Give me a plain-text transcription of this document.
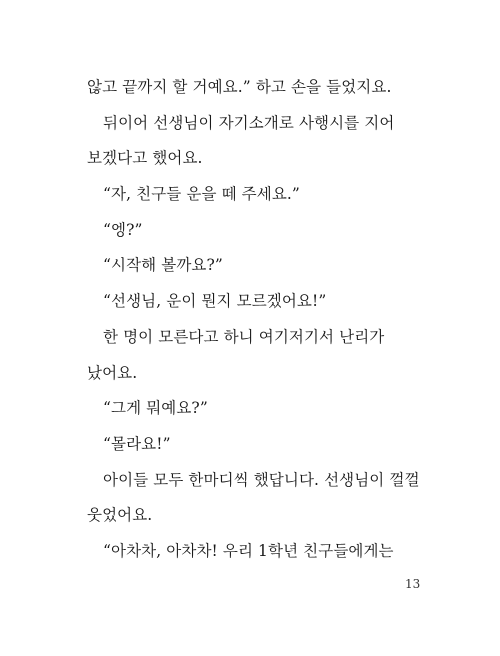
않고 끝까지 할 거예요.” 하고 손을 들었지요.
뒤이어 선생님이 자기소개로 사행시를 지어
보겠다고 했어요.
“자, 친구들 운을 떼 주세요.”
“엥?”
“시작해 볼까요?”
“선생님, 운이 뭔지 모르겠어요!”
한 명이 모른다고 하니 여기저기서 난리가
났어요.
“그게 뭐예요?”
“몰라요!”
아이들 모두 한마디씩 했답니다. 선생님이 껄껄
웃었어요.
“아차차, 아차차! 우리 1학년 친구들에게는
13
